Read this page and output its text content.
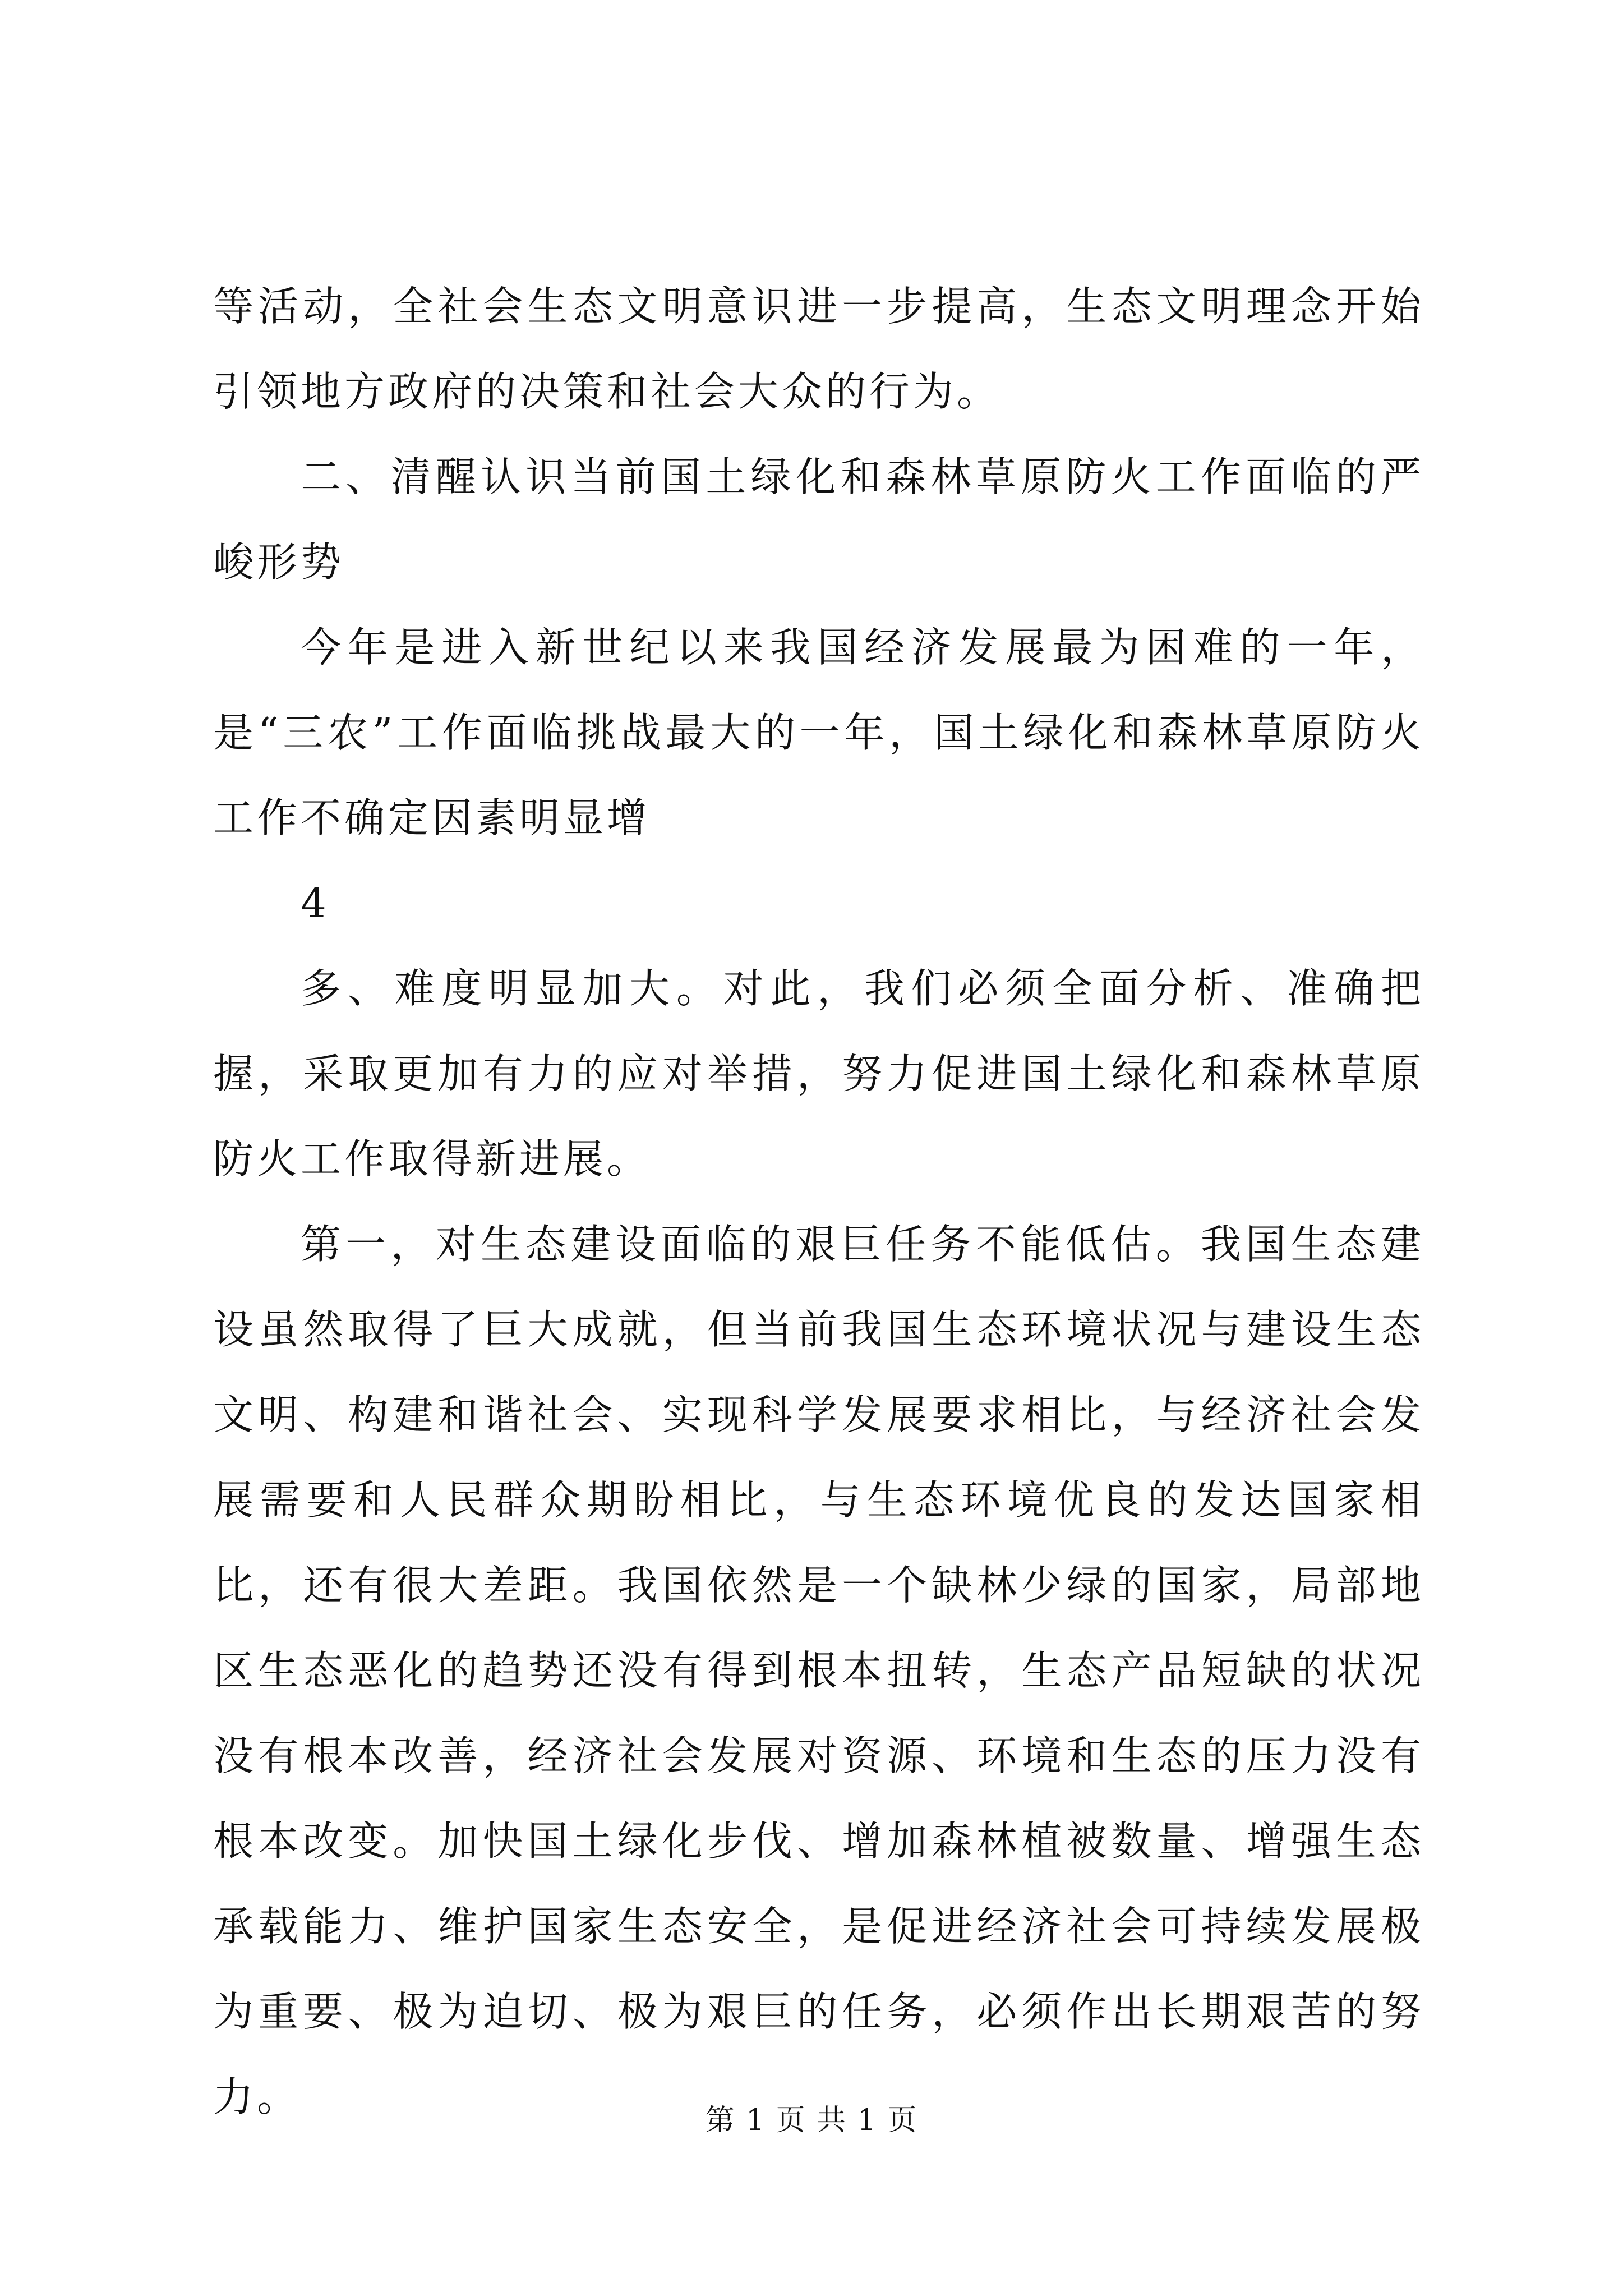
等活动，全社会生态文明意识进一步提高，生态文明理念开始引领地方政府的决策和社会大众的行为。

二、清醒认识当前国土绿化和森林草原防火工作面临的严峻形势

今年是进入新世纪以来我国经济发展最为困难的一年，是“三农”工作面临挑战最大的一年，国土绿化和森林草原防火工作不确定因素明显增

4

多、难度明显加大。对此，我们必须全面分析、准确把握，采取更加有力的应对举措，努力促进国土绿化和森林草原防火工作取得新进展。

第一，对生态建设面临的艰巨任务不能低估。我国生态建设虽然取得了巨大成就，但当前我国生态环境状况与建设生态文明、构建和谐社会、实现科学发展要求相比，与经济社会发展需要和人民群众期盼相比，与生态环境优良的发达国家相比，还有很大差距。我国依然是一个缺林少绿的国家，局部地区生态恶化的趋势还没有得到根本扭转，生态产品短缺的状况没有根本改善，经济社会发展对资源、环境和生态的压力没有根本改变。加快国土绿化步伐、增加森林植被数量、增强生态承载能力、维护国家生态安全，是促进经济社会可持续发展极为重要、极为迫切、极为艰巨的任务，必须作出长期艰苦的努力。	第 1 页 共 1 页
